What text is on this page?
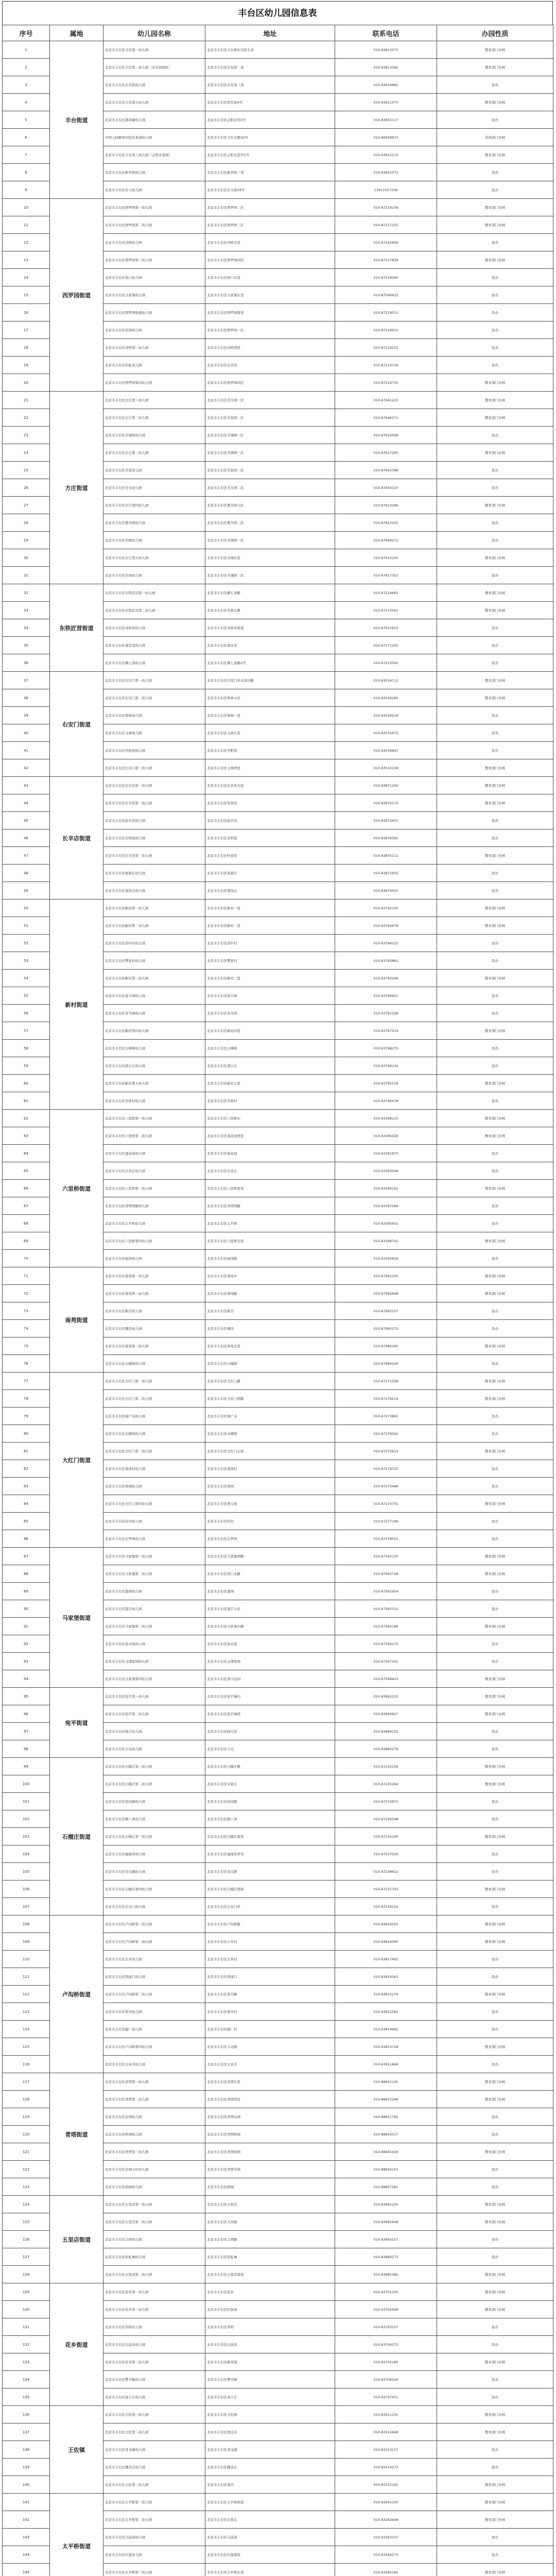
丰台区幼儿园信息表
序号	属地	幼儿园名称	地址	联系电话	办园性质
1	丰台街道	北京市丰台区丰台第一幼儿园	北京市丰台区丰台镇东安街头条	010-63813275	教育部门办园
2		北京市丰台区丰台第二幼儿园（东安街园区）	北京市丰台区东安街二条	010-63813392	教育部门办园
3		北京市丰台区东安街幼儿园	北京市丰台区东安街三条	010-63816682	民办
4		北京市丰台区丰台第五幼儿园	北京市丰台区西安街4号	010-63811575	教育部门办园
5		北京市丰台区蒲黄榆幼儿园	北京市丰台区正阳北里5号	010-83652117	民办
6		中国人民解放军陆军某部幼儿园	北京市丰台区丰台北路32号	010-66839873	其他部门办园
7		北京市丰台区丰台第八幼儿园（正阳北里园）	北京市丰台区正阳北里甲1号	010-63831215	教育部门办园
8		北京市丰台区新华街幼儿园	北京市丰台区新华街二里	010-63815372	民办
9		北京市丰台区春天幼儿园	北京市丰台区东大街19号	13911027236	民办
10	西罗园街道	北京市丰台区西罗园第一幼儿园	北京市丰台区西罗园二区	010-87219236	教育部门办园
11		北京市丰台区西罗园第二幼儿园	北京市丰台区西罗园三区	010-87217155	教育部门办园
12		北京市丰台区洋桥幼儿园	北京市丰台区洋桥北里	010-67242836	民办
13		北京市丰台区西罗园第三幼儿园	北京市丰台区西罗园四区	010-87217839	教育部门办园
14		北京市丰台区角门幼儿园	北京市丰台区角门东里	010-87219065	民办
15		北京市丰台区马家堡幼儿园	北京市丰台区马家堡东里	010-87590632	民办
16		北京市丰台区西罗园街道幼儿园	北京市丰台区西罗园南里	010-87219011	民办
17		北京市丰台区花园幼儿园	北京市丰台区西罗园一区	010-87218632	民办
18		北京市丰台区洋桥第二幼儿园	北京市丰台区洋桥西里	010-87218153	民办
19		北京市丰台区彩虹幼儿园	北京市丰台区东营房	010-87219726	民办
20		北京市丰台区西罗园第四幼儿园	北京市丰台区西罗园四区	010-87219735	教育部门办园
21	方庄街道	北京市丰台区方庄第一幼儿园	北京市丰台区芳古园一区	010-67641225	教育部门办园
22		北京市丰台区方庄第二幼儿园	北京市丰台区芳星园二区	010-67646371	教育部门办园
23		北京市丰台区芳城园幼儿园	北京市丰台区芳城园一区	010-67632058	民办
24		北京市丰台区方庄第三幼儿园	北京市丰台区芳群园三区	010-67617265	教育部门办园
25		北京市丰台区芳星幼儿园	北京市丰台区芳星园三区	010-67652398	民办
26		北京市丰台区芳古幼儿园	北京市丰台区芳古园二区	010-87654125	民办
27		北京市丰台区方庄第四幼儿园	北京市丰台区紫芳园五区	010-67613296	教育部门办园
28		北京市丰台区紫芳园幼儿园	北京市丰台区紫芳园二区	010-67613105	民办
29		北京市丰台区芳群幼儿园	北京市丰台区芳群园一区	010-67649271	民办
30		北京市丰台区方庄第五幼儿园	北京市丰台区芳城东里	010-67612235	教育部门办园
31		北京市丰台区芳园幼儿园	北京市丰台区芳城园三区	010-67617352	民办
32	东铁匠营街道	北京市丰台区东铁匠营第一幼儿园	北京市丰台区横七条路	010-67214683	教育部门办园
33		北京市丰台区东铁匠营第二幼儿园	北京市丰台区宋家庄路	010-67272561	教育部门办园
34		北京市丰台区刘家窑幼儿园	北京市丰台区刘家窑南里	010-67615623	民办
35		北京市丰台区蒲安里幼儿园	北京市丰台区蒲安里	010-67271265	民办
36		北京市丰台区横七条幼儿园	北京市丰台区横七条路2号	010-67213592	民办
37	右安门街道	北京市丰台区右安门第一幼儿园	北京市丰台区右安门外东滨河路	010-63534712	教育部门办园
38		北京市丰台区右安门第二幼儿园	北京市丰台区翠林小区	010-63536285	教育部门办园
39		北京市丰台区翠林幼儿园	北京市丰台区翠林一里	010-63539216	民办
40		北京市丰台区玉林幼儿园	北京市丰台区玉林东里	010-63531672	民办
41		北京市丰台区开阳里幼儿园	北京市丰台区开阳里	010-63539803	民办
42		北京市丰台区右安门第三幼儿园	北京市丰台区玉林西里	010-63532158	教育部门办园
43	长辛店街道	北京市丰台区长辛店第一幼儿园	北京市丰台区长辛店大街	010-83871256	教育部门办园
44		北京市丰台区长辛店第二幼儿园	北京市丰台区朱家坟	010-83876215	教育部门办园
45		北京市丰台区赵辛店幼儿园	北京市丰台区赵辛店	010-83872631	民办
46		北京市丰台区光明里幼儿园	北京市丰台区光明里	010-83878362	民办
47		北京市丰台区长辛店第三幼儿园	北京市丰台区杜家坎	010-83875112	教育部门办园
48		北京市丰台区张郭庄幼儿园	北京市丰台区张郭庄	010-83871935	民办
49		北京市丰台区南岗洼幼儿园	北京市丰台区南岗洼	010-83879425	民办
50	新村街道	北京市丰台区新村第一幼儿园	北京市丰台区新村一里	010-63792135	教育部门办园
51		北京市丰台区新村第二幼儿园	北京市丰台区新村二里	010-63792678	教育部门办园
52		北京市丰台区造甲村幼儿园	北京市丰台区造甲村	010-63798123	民办
53		北京市丰台区樊家村幼儿园	北京市丰台区樊家村	010-63795861	民办
54		北京市丰台区新村第三幼儿园	北京市丰台区新村三里	010-63793246	教育部门办园
55		北京市丰台区富丰园幼儿园	北京市丰台区富丰园	010-63796652	民办
56		北京市丰台区育芳园幼儿园	北京市丰台区育芳园	010-63791538	民办
57		北京市丰台区新村第四幼儿园	北京市丰台区新村四里	010-63797314	教育部门办园
58		北京市丰台区万柳园幼儿园	北京市丰台区万柳园	010-63798275	民办
59		北京市丰台区郭公庄幼儿园	北京市丰台区郭公庄	010-63799134	民办
60		北京市丰台区新村第五幼儿园	北京市丰台区新村五里	010-63795219	教育部门办园
61		北京市丰台区吴家村幼儿园	北京市丰台区吴家村	010-63796478	民办
62	六里桥街道	北京市丰台区六里桥第一幼儿园	北京市丰台区六里桥东	010-63398215	教育部门办园
63		北京市丰台区六里桥第二幼儿园	北京市丰台区莲花池西里	010-63396328	教育部门办园
64		北京市丰台区莲花池幼儿园	北京市丰台区莲花池	010-63391875	民办
65		北京市丰台区岳各庄幼儿园	北京市丰台区岳各庄	010-63393546	民办
66		北京市丰台区六里桥第三幼儿园	北京市丰台区六里桥南里	010-63394152	教育部门办园
67		北京市丰台区青塔西路幼儿园	北京市丰台区青塔西路	010-63397268	民办
68		北京市丰台区太平桥幼儿园	北京市丰台区太平桥	010-63395631	民办
69		北京市丰台区六里桥第四幼儿园	北京市丰台区六里桥北里	010-63398742	教育部门办园
70		北京市丰台区丽泽幼儿园	北京市丰台区丽泽路	010-63392816	民办
71	南苑街道	北京市丰台区南苑第一幼儿园	北京市丰台区南苑乡	010-67991235	教育部门办园
72		北京市丰台区南苑第二幼儿园	北京市丰台区南苑路	010-67992648	教育部门办园
73		北京市丰台区新宫幼儿园	北京市丰台区新宫	010-67993157	民办
74		北京市丰台区槐房幼儿园	北京市丰台区槐房	010-67995273	民办
75		北京市丰台区南苑第三幼儿园	北京市丰台区南苑北里	010-67996182	教育部门办园
76		北京市丰台区石榴园幼儿园	北京市丰台区石榴园	010-67994329	民办
77	大红门街道	北京市丰台区大红门第一幼儿园	北京市丰台区大红门路	010-67271538	教育部门办园
78		北京市丰台区大红门第二幼儿园	北京市丰台区大红门西路	010-67276214	教育部门办园
79		北京市丰台区海户屯幼儿园	北京市丰台区海户屯	010-67273865	民办
80		北京市丰台区木樨园幼儿园	北京市丰台区木樨园	010-67278342	民办
81		北京市丰台区大红门第三幼儿园	北京市丰台区大红门东街	010-67275613	教育部门办园
82		北京市丰台区南顶村幼儿园	北京市丰台区南顶村	010-67279125	民办
83		北京市丰台区果园幼儿园	北京市丰台区果园	010-67272468	民办
84		北京市丰台区大红门第四幼儿园	北京市丰台区西马场	010-67274731	教育部门办园
85		北京市丰台区时村幼儿园	北京市丰台区时村	010-67277196	民办
86		北京市丰台区东罗园幼儿园	北京市丰台区东罗园	010-67278553	民办
87	马家堡街道	北京市丰台区马家堡第一幼儿园	北京市丰台区马家堡西路	010-67562135	教育部门办园
88		北京市丰台区马家堡第二幼儿园	北京市丰台区角门北路	010-67563728	教育部门办园
89		北京市丰台区嘉园幼儿园	北京市丰台区嘉园	010-67561954	民办
90		北京市丰台区晨宇幼儿园	北京市丰台区晨宇小区	010-67565312	民办
91		北京市丰台区马家堡第三幼儿园	北京市丰台区马家堡东路	010-67564186	教育部门办园
92		北京市丰台区富卓苑幼儿园	北京市丰台区富卓苑	010-67566275	民办
93		北京市丰台区玉璞家园幼儿园	北京市丰台区玉璞家园	010-67567341	民办
94		北京市丰台区马家堡第四幼儿园	北京市丰台区西马金润	010-67568423	教育部门办园
95	宛平街道	北京市丰台区宛平第一幼儿园	北京市丰台区宛平城内	010-83892315	教育部门办园
96		北京市丰台区宛平第二幼儿园	北京市丰台区宛平城西	010-83893627	教育部门办园
97		北京市丰台区晓月幼儿园	北京市丰台区晓月苑	010-83894152	民办
98		北京市丰台区小屯幼儿园	北京市丰台区小屯	010-83895276	民办
99	石榴庄街道	北京市丰台区石榴庄第一幼儿园	北京市丰台区石榴庄路	010-67232158	教育部门办园
100		北京市丰台区石榴庄第二幼儿园	北京市丰台区宋家庄	010-67235264	教育部门办园
101		北京市丰台区成仪路幼儿园	北京市丰台区成仪路	010-67233871	民办
102		北京市丰台区顺八条幼儿园	北京市丰台区顺八条	010-67236348	民办
103		北京市丰台区石榴庄第三幼儿园	北京市丰台区石榴庄南里	010-67234195	教育部门办园
104		北京市丰台区福海棠幼儿园	北京市丰台区福海棠华苑	010-67237526	民办
105		北京市丰台区宋庄路幼儿园	北京市丰台区宋庄路	010-67238612	民办
106		北京市丰台区石榴庄第四幼儿园	北京市丰台区石榴庄西街	010-67231743	教育部门办园
107		北京市丰台区左安门幼儿园	北京市丰台区左安门外	010-67239154	民办
108	卢沟桥街道	北京市丰台区卢沟桥第一幼儿园	北京市丰台区卢沟桥路	010-63816253	教育部门办园
109		北京市丰台区卢沟桥第二幼儿园	北京市丰台区小井村	010-63818365	教育部门办园
110		北京市丰台区大井幼儿园	北京市丰台区大井村	010-63817492	民办
111		北京市丰台区西道口幼儿园	北京市丰台区西道口	010-63819163	民办
112		北京市丰台区卢沟桥第三幼儿园	北京市丰台区看丹路	010-63815274	教育部门办园
113		北京市丰台区看丹幼儿园	北京市丰台区看丹村	010-63812583	民办
114		北京市丰台区靛厂幼儿园	北京市丰台区靛厂村	010-63814691	民办
115		北京市丰台区卢沟桥第四幼儿园	北京市丰台区丰北路	010-63813728	教育部门办园
116		北京市丰台区万泉寺幼儿园	北京市丰台区万泉寺	010-63811846	民办
117	青塔街道	北京市丰台区青塔第一幼儿园	北京市丰台区青塔东里	010-88652135	教育部门办园
118		北京市丰台区青塔第二幼儿园	北京市丰台区青塔西里	010-88653248	教育部门办园
119		北京市丰台区春园幼儿园	北京市丰台区青塔春园	010-88651762	民办
120		北京市丰台区秋园幼儿园	北京市丰台区青塔秋园	010-88654317	民办
121		北京市丰台区青塔第三幼儿园	北京市丰台区青塔蔚园	010-88655426	教育部门办园
122		北京市丰台区芳园小区幼儿园	北京市丰台区青塔芳园	010-88656153	民办
123		北京市丰台区蔚园幼儿园	北京市丰台区蔚园	010-88657281	民办
124	五里店街道	北京市丰台区五里店第一幼儿园	北京市丰台区五里店	010-83681235	教育部门办园
125		北京市丰台区五里店第二幼儿园	北京市丰台区大井路	010-83682648	教育部门办园
126		北京市丰台区丰西幼儿园	北京市丰台区丰西路	010-83683157	民办
127		北京市丰台区彩虹城幼儿园	北京市丰台区彩虹城	010-83684273	民办
128		北京市丰台区五里店第三幼儿园	北京市丰台区五里店南里	010-83685182	教育部门办园
129	花乡街道	北京市丰台区花乡第一幼儿园	北京市丰台区花乡	010-63701235	教育部门办园
130		北京市丰台区花乡第二幼儿园	北京市丰台区纪家庙	010-63702648	教育部门办园
131		北京市丰台区草桥幼儿园	北京市丰台区草桥	010-63703157	民办
132		北京市丰台区白盆窑幼儿园	北京市丰台区白盆窑	010-63704273	民办
133		北京市丰台区花乡第三幼儿园	北京市丰台区新发地	010-63705182	教育部门办园
134		北京市丰台区樊羊路幼儿园	北京市丰台区樊羊路	010-63706329	民办
135		北京市丰台区高立庄幼儿园	北京市丰台区高立庄	010-63707451	民办
136	王佐镇	北京市丰台区王佐第一幼儿园	北京市丰台区王佐镇	010-83311235	教育部门办园
137		北京市丰台区王佐第二幼儿园	北京市丰台区西庄店	010-83312648	教育部门办园
138		北京市丰台区青龙湖幼儿园	北京市丰台区青龙湖	010-83313157	民办
139		北京市丰台区魏各庄幼儿园	北京市丰台区魏各庄	010-83314273	民办
140		北京市丰台区王佐第三幼儿园	北京市丰台区南宫	010-83315182	教育部门办园
141	太平桥街道	北京市丰台区太平桥第一幼儿园	北京市丰台区太平桥西里	010-63261235	教育部门办园
142		北京市丰台区太平桥第二幼儿园	北京市丰台区东管头	010-63262648	教育部门办园
143		北京市丰台区马连道幼儿园	北京市丰台区马连道	010-63263157	民办
144		北京市丰台区红莲幼儿园	北京市丰台区红莲南里	010-63264273	民办
145		北京市丰台区太平桥第三幼儿园	北京市丰台区太平桥东里	010-63265182	教育部门办园
